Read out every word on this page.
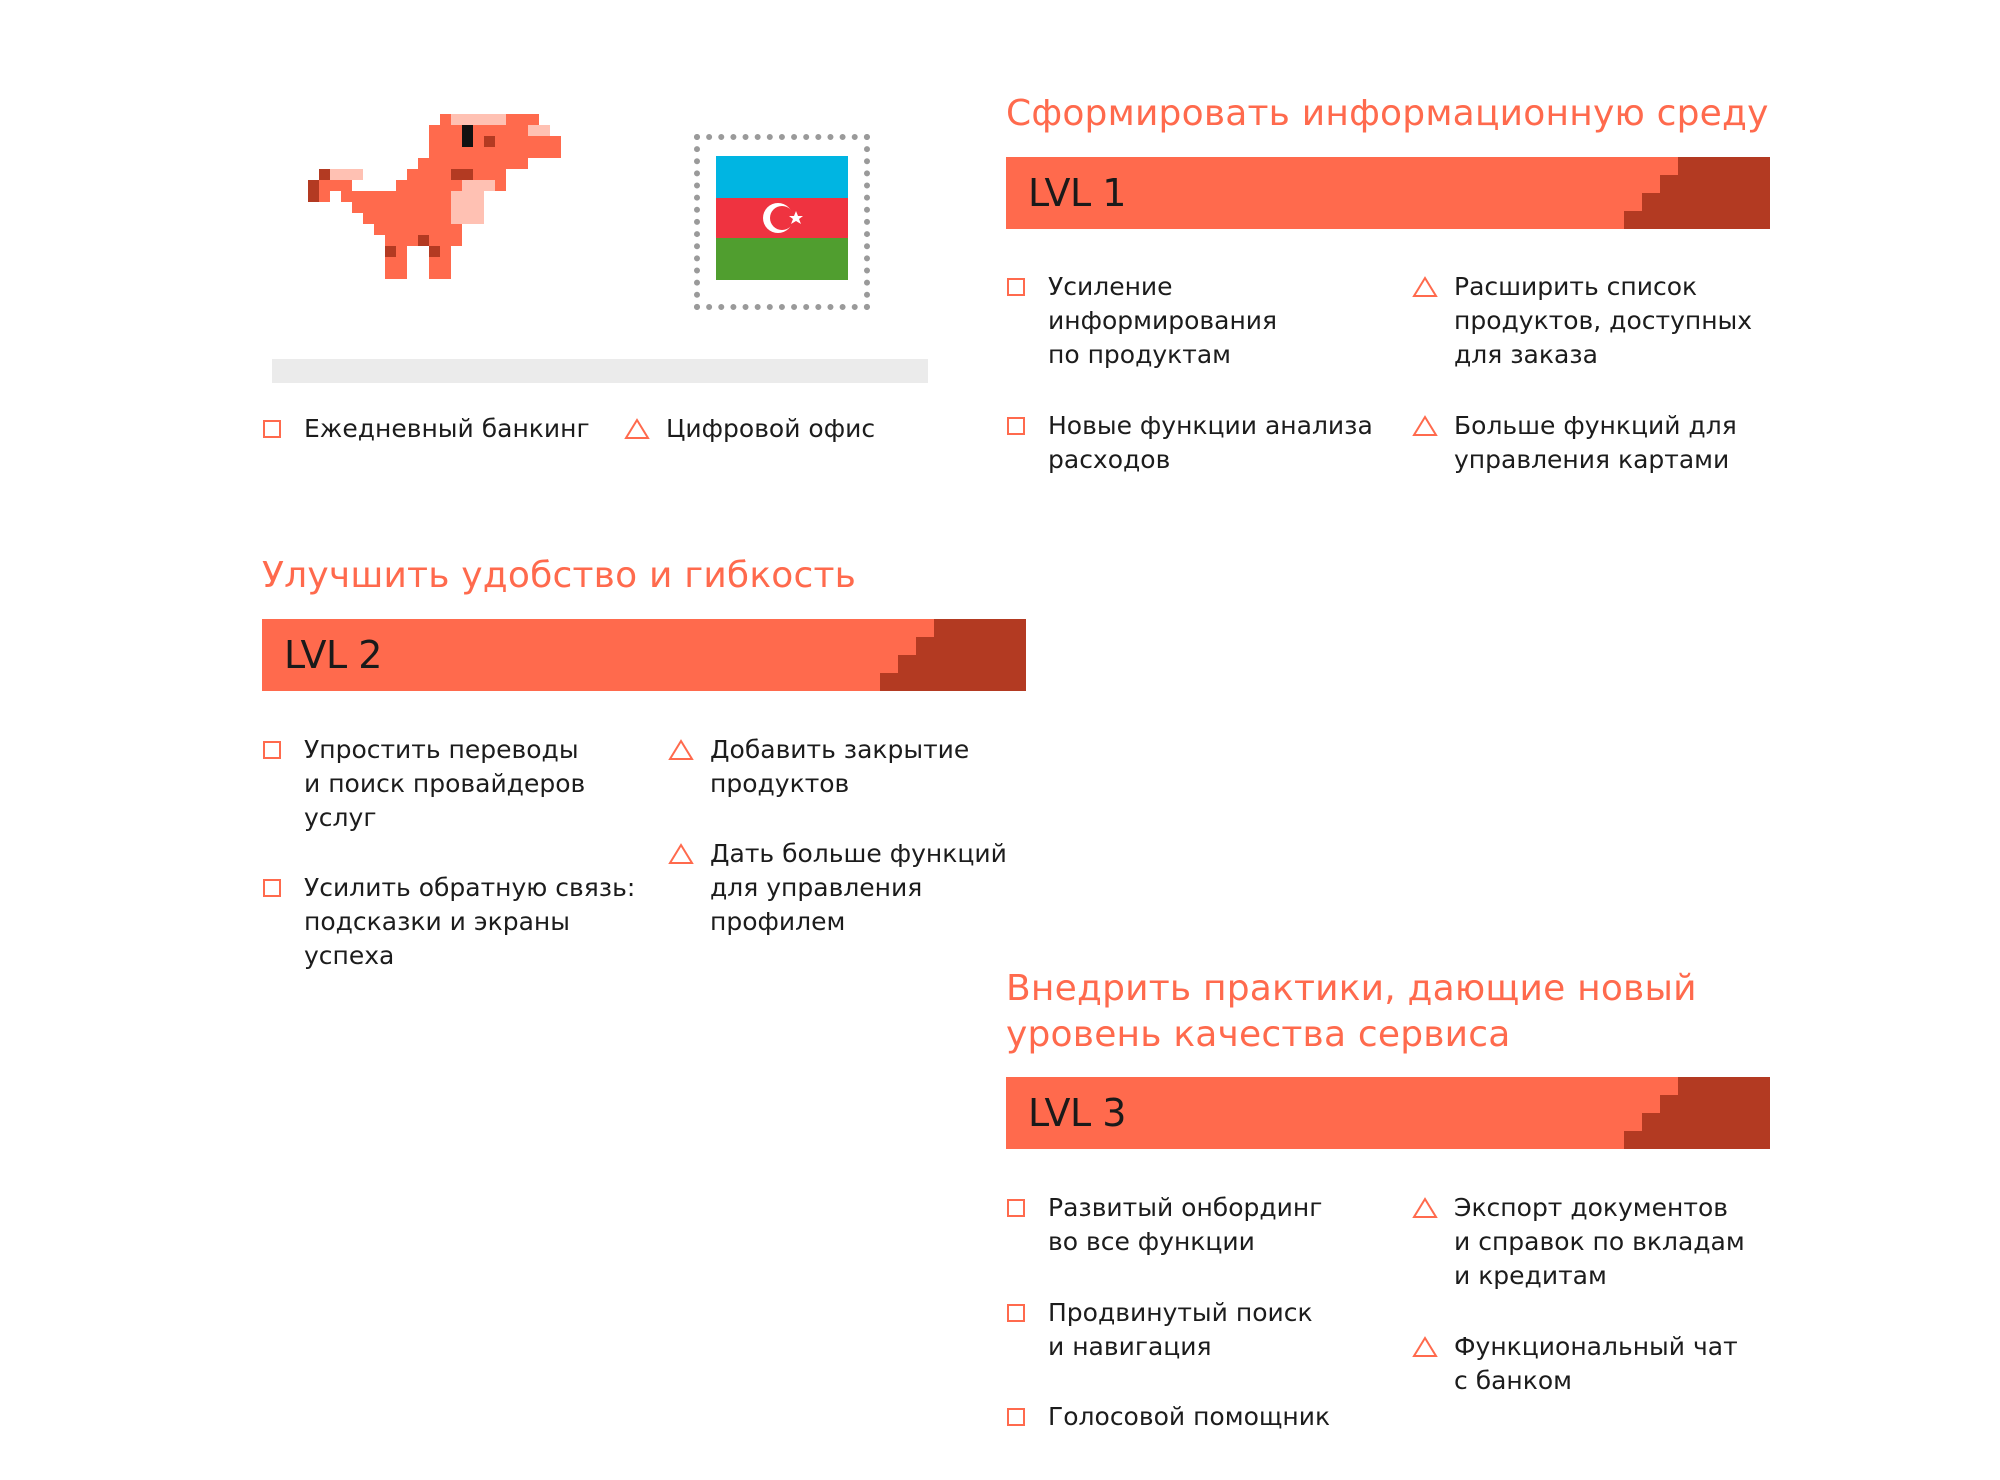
Ежедневный банкинг	Цифровой офис
Сформировать информационную среду
LVL 1
Усиление
информирования
по продуктам
Новые функции анализа
расходов
Расширить список
продуктов, доступных
для заказа
Больше функций для
управления картами
Улучшить удобство и гибкость
LVL 2
Упростить переводы
и поиск провайдеров
услуг
Усилить обратную связь:
подсказки и экраны
успеха
Добавить закрытие
продуктов
Дать больше функций
для управления
профилем
Внедрить практики, дающие новый
уровень качества сервиса
LVL 3
Развитый онбординг
во все функции
Продвинутый поиск
и навигация
Голосовой помощник
Экспорт документов
и справок по вкладам
и кредитам
Функциональный чат
с банком
